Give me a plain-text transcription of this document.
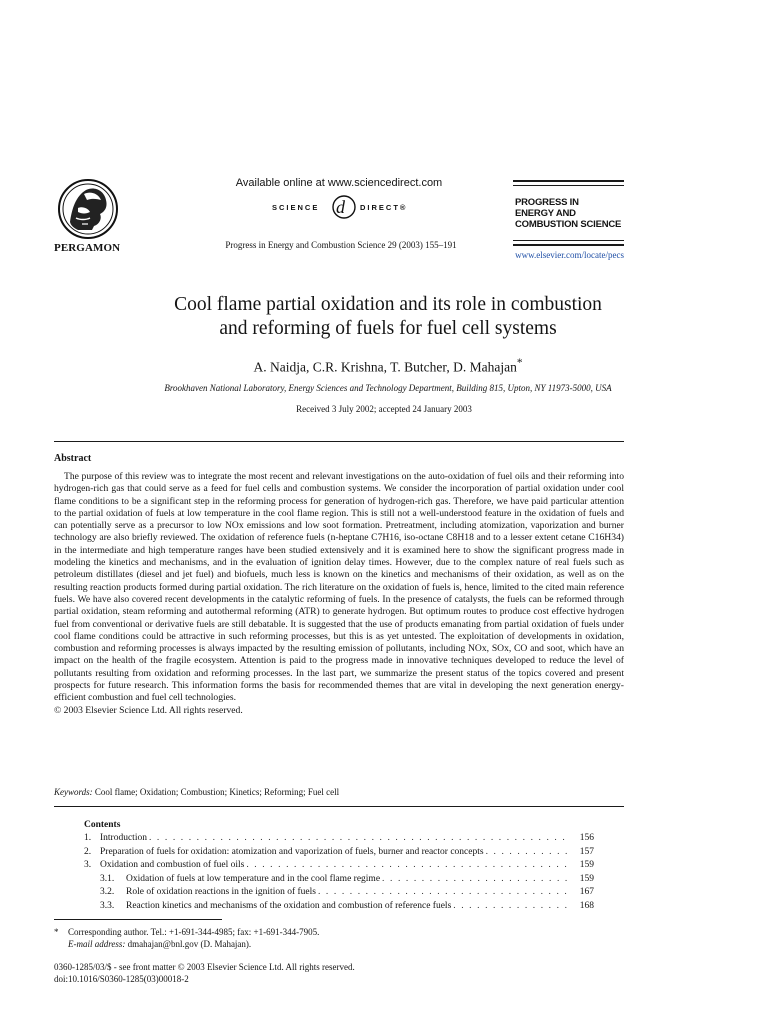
PERGAMON
Available online at www.sciencedirect.com
SCIENCE d DIRECT®
Progress in Energy and Combustion Science 29 (2003) 155–191
PROGRESS IN
ENERGY AND
COMBUSTION SCIENCE
www.elsevier.com/locate/pecs
Cool flame partial oxidation and its role in combustion
and reforming of fuels for fuel cell systems
A. Naidja, C.R. Krishna, T. Butcher, D. Mahajan*
Brookhaven National Laboratory, Energy Sciences and Technology Department, Building 815, Upton, NY 11973-5000, USA
Received 3 July 2002; accepted 24 January 2003
Abstract

The purpose of this review was to integrate the most recent and relevant investigations on the auto-oxidation of fuel oils and their reforming into hydrogen-rich gas that could serve as a feed for fuel cells and combustion systems. We consider the incorporation of partial oxidation under cool flame conditions to be a significant step in the reforming process for generation of hydrogen-rich gas. Therefore, we have paid particular attention to the partial oxidation of fuels at low temperature in the cool flame region. This is still not a well-understood feature in the oxidation of fuels and can potentially serve as a precursor to low NOx emissions and low soot formation. Pretreatment, including atomization, vaporization and burner technology are also briefly reviewed. The oxidation of reference fuels (n-heptane C7H16, iso-octane C8H18 and to a lesser extent cetane C16H34) in the intermediate and high temperature ranges have been studied extensively and it is examined here to show the significant progress made in modeling the kinetics and mechanisms, and in the evaluation of ignition delay times. However, due to the complex nature of real fuels such as petroleum distillates (diesel and jet fuel) and biofuels, much less is known on the kinetics and mechanisms of their oxidation, as well as on the resulting reaction products formed during partial oxidation. The rich literature on the oxidation of fuels is, hence, limited to the cited main reference fuels. We have also covered recent developments in the catalytic reforming of fuels. In the presence of catalysts, the fuels can be reformed through partial oxidation, steam reforming and autothermal reforming (ATR) to generate hydrogen. But optimum routes to produce cost effective hydrogen fuel from conventional or derivative fuels are still debatable. It is suggested that the use of products emanating from partial oxidation of fuels under cool flame conditions could be attractive in such reforming processes, but this is as yet untested. The exploitation of developments in oxidation, combustion and reforming processes is always impacted by the resulting emission of pollutants, including NOx, SOx, CO and soot, which have an impact on the health of the fragile ecosystem. Attention is paid to the progress made in innovative techniques developed to reduce the level of pollutants resulting from oxidation and reforming processes. In the last part, we summarize the present status of the topics covered and present prospects for future research. This information forms the basis for recommended themes that are vital in developing the next generation energy-efficient combustion and fuel cell technologies.

© 2003 Elsevier Science Ltd. All rights reserved.

Keywords: Cool flame; Oxidation; Combustion; Kinetics; Reforming; Fuel cell
Contents
1. Introduction . . .	156
2. Preparation of fuels for oxidation: atomization and vaporization of fuels, burner and reactor concepts . . .	157
3. Oxidation and combustion of fuel oils . . .	159
3.1.	Oxidation of fuels at low temperature and in the cool flame regime . . .	159
3.2.	Role of oxidation reactions in the ignition of fuels . . .	167
3.3.	Reaction kinetics and mechanisms of the oxidation and combustion of reference fuels . . .	168
* Corresponding author. Tel.: +1-691-344-4985; fax: +1-691-344-7905.
E-mail address: dmahajan@bnl.gov (D. Mahajan).
0360-1285/03/$ - see front matter © 2003 Elsevier Science Ltd. All rights reserved.
doi:10.1016/S0360-1285(03)00018-2
